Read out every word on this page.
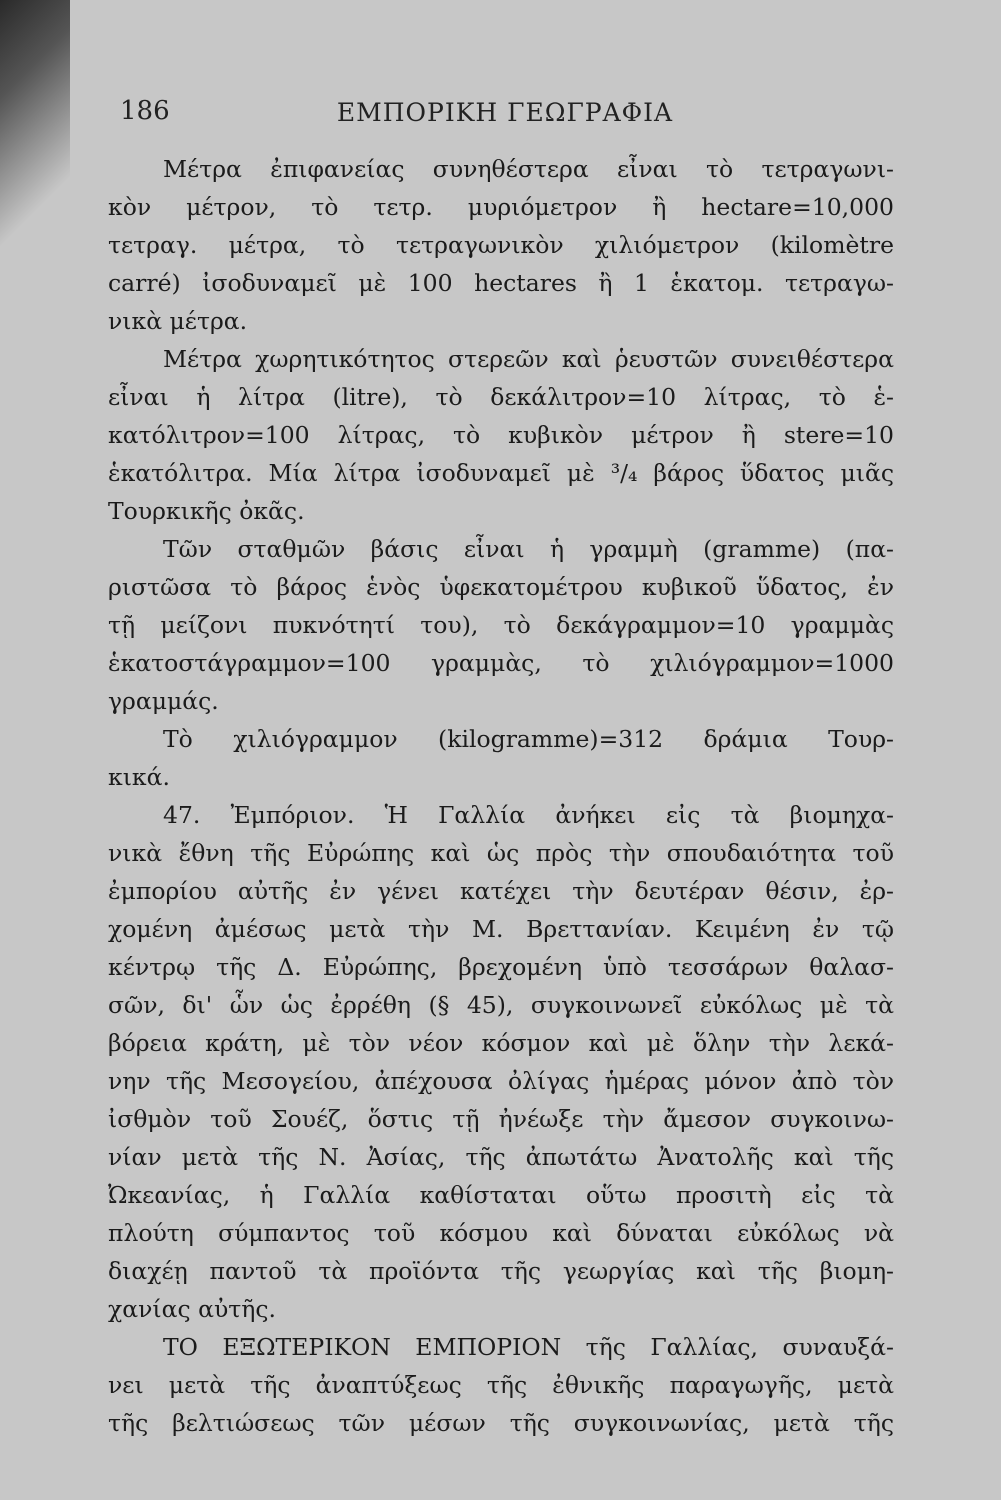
186	ΕΜΠΟΡΙΚΗ ΓΕΩΓΡΑΦΙΑ
Μέτρα ἐπιφανείας συνηθέστερα εἶναι τὸ τετραγωνι-
κὸν μέτρον, τὸ τετρ. μυριόμετρον ἢ hectare=10,000
τετραγ. μέτρα, τὸ τετραγωνικὸν χιλιόμετρον (kilomètre
carré) ἰσοδυναμεῖ μὲ 100 hectares ἢ 1 ἑκατομ. τετραγω-
νικὰ μέτρα.
Μέτρα χωρητικότητος στερεῶν καὶ ῥευστῶν συνειθέστερα
εἶναι ἡ λίτρα (litre), τὸ δεκάλιτρον=10 λίτρας, τὸ ἑ-
κατόλιτρον=100 λίτρας, τὸ κυβικὸν μέτρον ἢ stere=10
ἑκατόλιτρα. Μία λίτρα ἰσοδυναμεῖ μὲ ³/₄ βάρος ὕδατος μιᾶς
Τουρκικῆς ὀκᾶς.
Τῶν σταθμῶν βάσις εἶναι ἡ γραμμὴ (gramme) (πα-
ριστῶσα τὸ βάρος ἑνὸς ὑφεκατομέτρου κυβικοῦ ὕδατος, ἐν
τῇ μείζονι πυκνότητί του), τὸ δεκάγραμμον=10 γραμμὰς
ἑκατοστάγραμμον=100 γραμμὰς, τὸ χιλιόγραμμον=1000
γραμμάς.
Τὸ χιλιόγραμμον (kilogramme)=312 δράμια Τουρ-
κικά.
47. Ἐμπόριον. Ἡ Γαλλία ἀνήκει εἰς τὰ βιομηχα-
νικὰ ἔθνη τῆς Εὐρώπης καὶ ὡς πρὸς τὴν σπουδαιότητα τοῦ
ἐμπορίου αὐτῆς ἐν γένει κατέχει τὴν δευτέραν θέσιν, ἐρ-
χομένη ἀμέσως μετὰ τὴν Μ. Βρεττανίαν. Κειμένη ἐν τῷ
κέντρῳ τῆς Δ. Εὐρώπης, βρεχομένη ὑπὸ τεσσάρων θαλασ-
σῶν, δι' ὧν ὡς ἐρρέθη (§ 45), συγκοινωνεῖ εὐκόλως μὲ τὰ
βόρεια κράτη, μὲ τὸν νέον κόσμον καὶ μὲ ὅλην τὴν λεκά-
νην τῆς Μεσογείου, ἀπέχουσα ὀλίγας ἡμέρας μόνον ἀπὸ τὸν
ἰσθμὸν τοῦ Σουέζ, ὅστις τῇ ἠνέωξε τὴν ἄμεσον συγκοινω-
νίαν μετὰ τῆς Ν. Ἀσίας, τῆς ἀπωτάτω Ἀνατολῆς καὶ τῆς
Ὠκεανίας, ἡ Γαλλία καθίσταται οὕτω προσιτὴ εἰς τὰ
πλούτη σύμπαντος τοῦ κόσμου καὶ δύναται εὐκόλως νὰ
διαχέῃ παντοῦ τὰ προϊόντα τῆς γεωργίας καὶ τῆς βιομη-
χανίας αὐτῆς.
ΤΟ ΕΞΩΤΕΡΙΚΟΝ ΕΜΠΟΡΙΟΝ τῆς Γαλλίας, συναυξά-
νει μετὰ τῆς ἀναπτύξεως τῆς ἐθνικῆς παραγωγῆς, μετὰ
τῆς βελτιώσεως τῶν μέσων τῆς συγκοινωνίας, μετὰ τῆς
